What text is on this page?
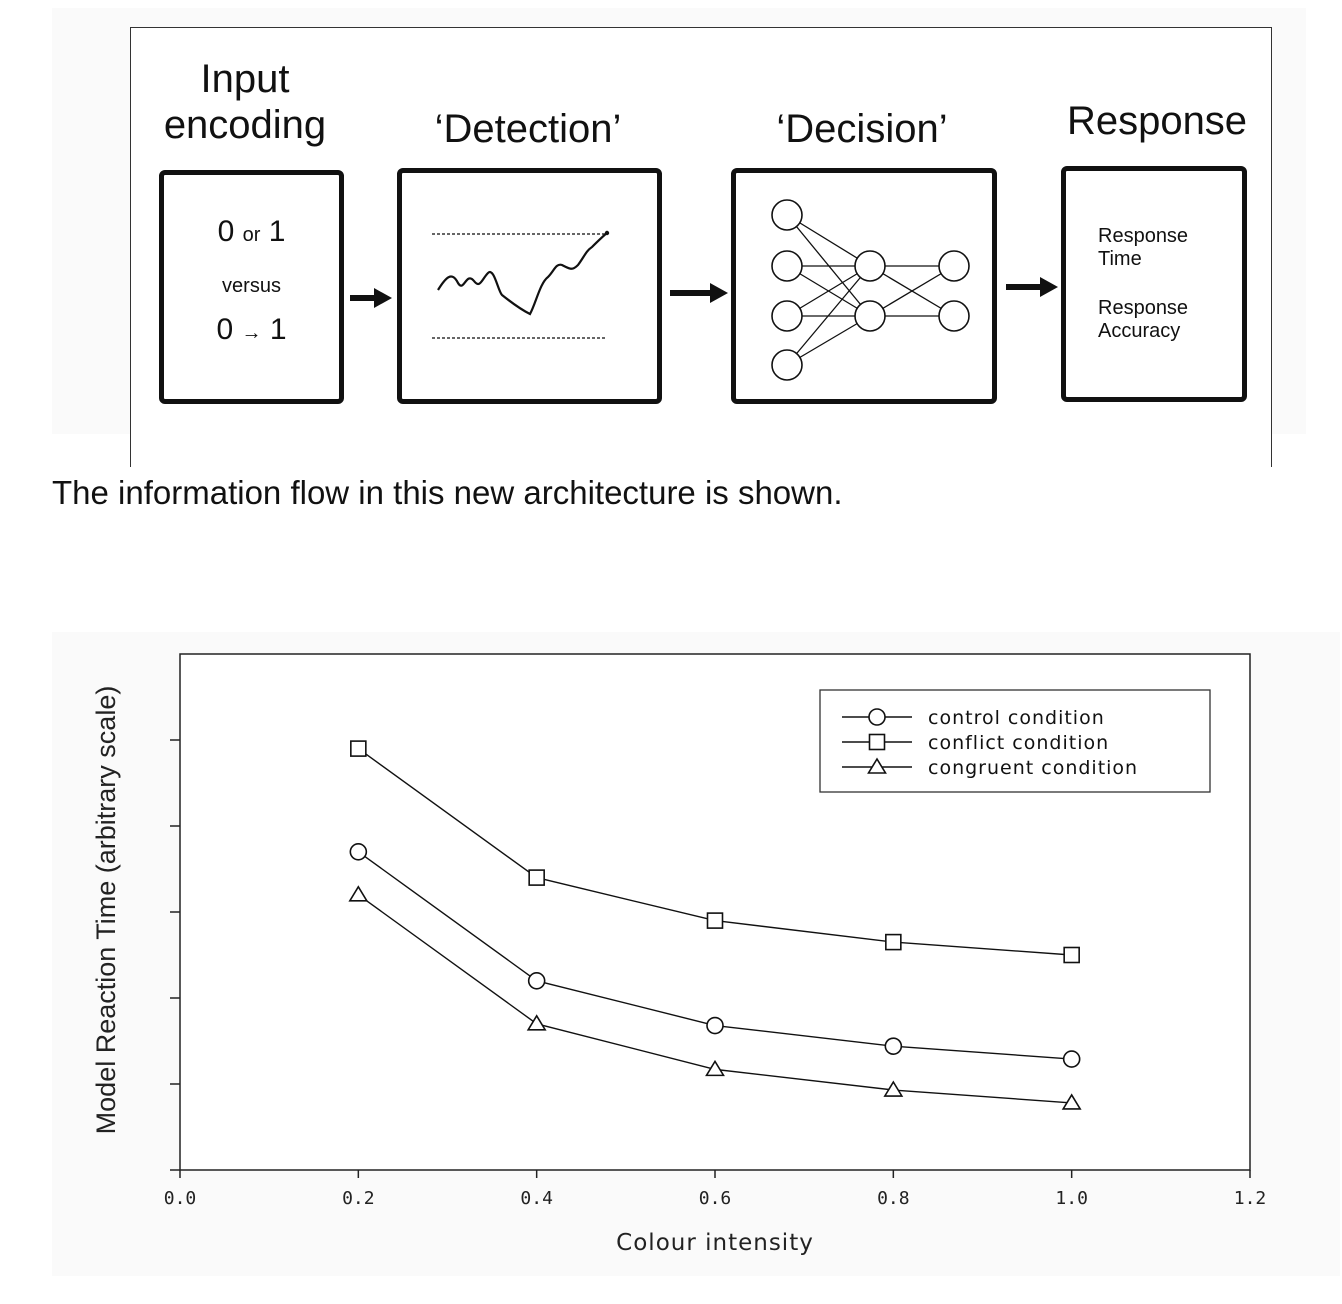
Input
encoding	‘Detection’	‘Decision’	Response
0 or 1
versus
0 → 1
Response
Time
Response
Accuracy
The information flow in this new architecture is shown.
0.0	0.2	0.4	0.6	0.8	1.0	1.2
control condition
conflict condition
congruent condition
Colour intensity
Model Reaction Time (arbitrary scale)
